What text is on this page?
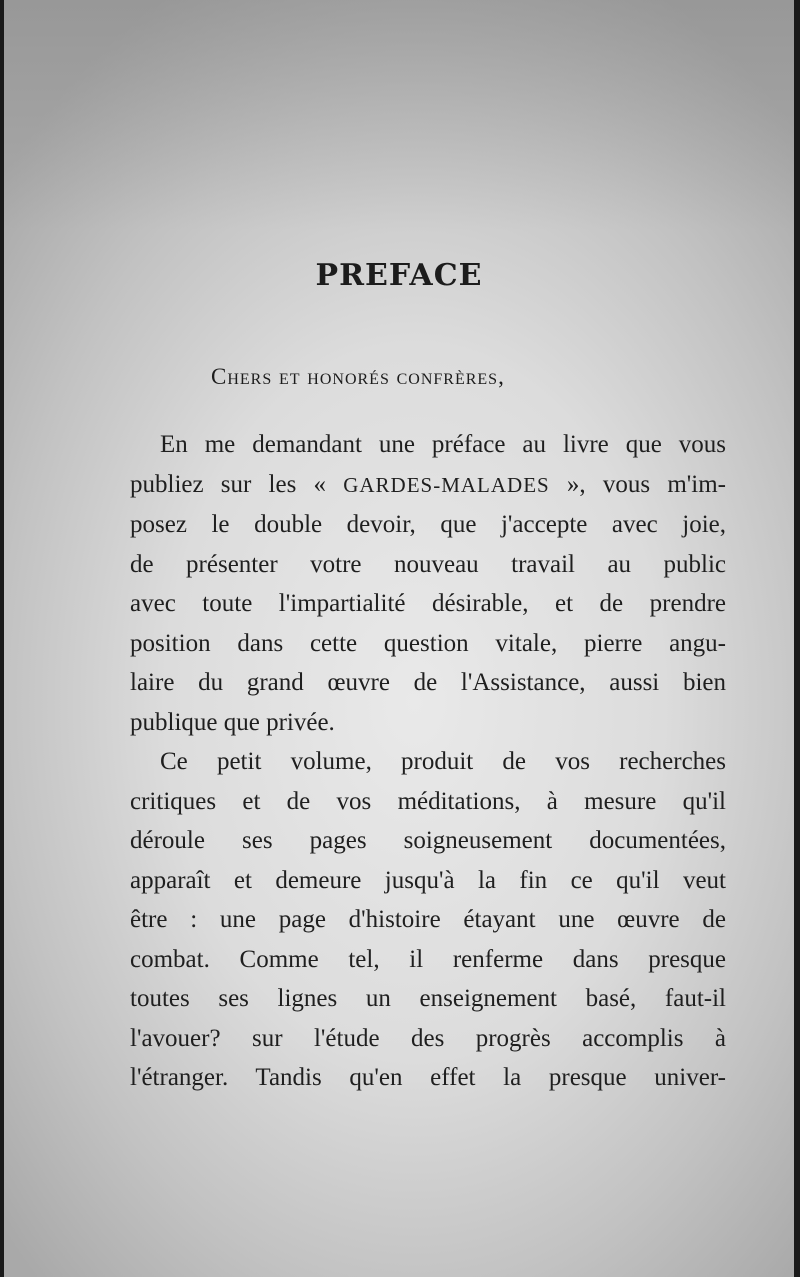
PREFACE
Chers et honorés confrères,

En me demandant une préface au livre que vous
publiez sur les « GARDES-MALADES », vous m'im-
posez le double devoir, que j'accepte avec joie,
de présenter votre nouveau travail au public
avec toute l'impartialité désirable, et de prendre
position dans cette question vitale, pierre angu-
laire du grand œuvre de l'Assistance, aussi bien
publique que privée.

Ce petit volume, produit de vos recherches
critiques et de vos méditations, à mesure qu'il
déroule ses pages soigneusement documentées,
apparaît et demeure jusqu'à la fin ce qu'il veut
être : une page d'histoire étayant une œuvre de
combat. Comme tel, il renferme dans presque
toutes ses lignes un enseignement basé, faut-il
l'avouer? sur l'étude des progrès accomplis à
l'étranger. Tandis qu'en effet la presque univer-
